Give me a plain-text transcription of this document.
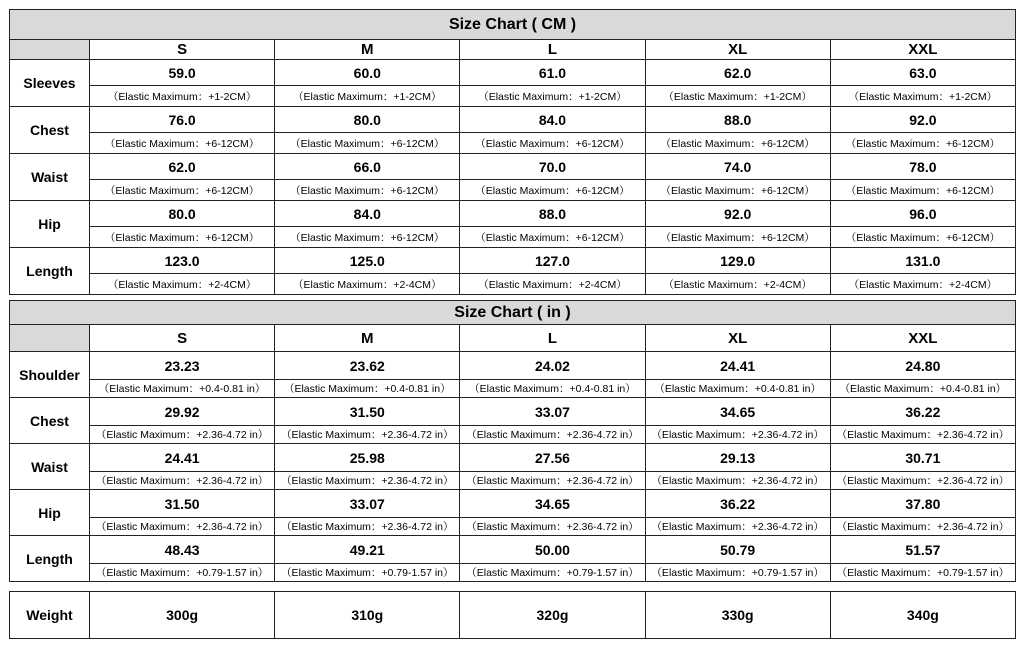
Size Chart ( CM )					
	S	M	L	XL	XXL
Sleeves	59.0	60.0	61.0	62.0	63.0
	（Elastic Maximum：+1-2CM）	（Elastic Maximum：+1-2CM）	（Elastic Maximum：+1-2CM）	（Elastic Maximum：+1-2CM）	（Elastic Maximum：+1-2CM）
Chest	76.0	80.0	84.0	88.0	92.0
	（Elastic Maximum：+6-12CM）	（Elastic Maximum：+6-12CM）	（Elastic Maximum：+6-12CM）	（Elastic Maximum：+6-12CM）	（Elastic Maximum：+6-12CM）
Waist	62.0	66.0	70.0	74.0	78.0
	（Elastic Maximum：+6-12CM）	（Elastic Maximum：+6-12CM）	（Elastic Maximum：+6-12CM）	（Elastic Maximum：+6-12CM）	（Elastic Maximum：+6-12CM）
Hip	80.0	84.0	88.0	92.0	96.0
	（Elastic Maximum：+6-12CM）	（Elastic Maximum：+6-12CM）	（Elastic Maximum：+6-12CM）	（Elastic Maximum：+6-12CM）	（Elastic Maximum：+6-12CM）
Length	123.0	125.0	127.0	129.0	131.0
	（Elastic Maximum：+2-4CM）	（Elastic Maximum：+2-4CM）	（Elastic Maximum：+2-4CM）	（Elastic Maximum：+2-4CM）	（Elastic Maximum：+2-4CM）
Size Chart ( in )					
	S	M	L	XL	XXL
Shoulder	23.23	23.62	24.02	24.41	24.80
	（Elastic Maximum：+0.4-0.81 in）	（Elastic Maximum：+0.4-0.81 in）	（Elastic Maximum：+0.4-0.81 in）	（Elastic Maximum：+0.4-0.81 in）	（Elastic Maximum：+0.4-0.81 in）
Chest	29.92	31.50	33.07	34.65	36.22
	（Elastic Maximum：+2.36-4.72 in）	（Elastic Maximum：+2.36-4.72 in）	（Elastic Maximum：+2.36-4.72 in）	（Elastic Maximum：+2.36-4.72 in）	（Elastic Maximum：+2.36-4.72 in）
Waist	24.41	25.98	27.56	29.13	30.71
	（Elastic Maximum：+2.36-4.72 in）	（Elastic Maximum：+2.36-4.72 in）	（Elastic Maximum：+2.36-4.72 in）	（Elastic Maximum：+2.36-4.72 in）	（Elastic Maximum：+2.36-4.72 in）
Hip	31.50	33.07	34.65	36.22	37.80
	（Elastic Maximum：+2.36-4.72 in）	（Elastic Maximum：+2.36-4.72 in）	（Elastic Maximum：+2.36-4.72 in）	（Elastic Maximum：+2.36-4.72 in）	（Elastic Maximum：+2.36-4.72 in）
Length	48.43	49.21	50.00	50.79	51.57
	（Elastic Maximum：+0.79-1.57 in）	（Elastic Maximum：+0.79-1.57 in）	（Elastic Maximum：+0.79-1.57 in）	（Elastic Maximum：+0.79-1.57 in）	（Elastic Maximum：+0.79-1.57 in）
Weight	300g	310g	320g	330g	340g
